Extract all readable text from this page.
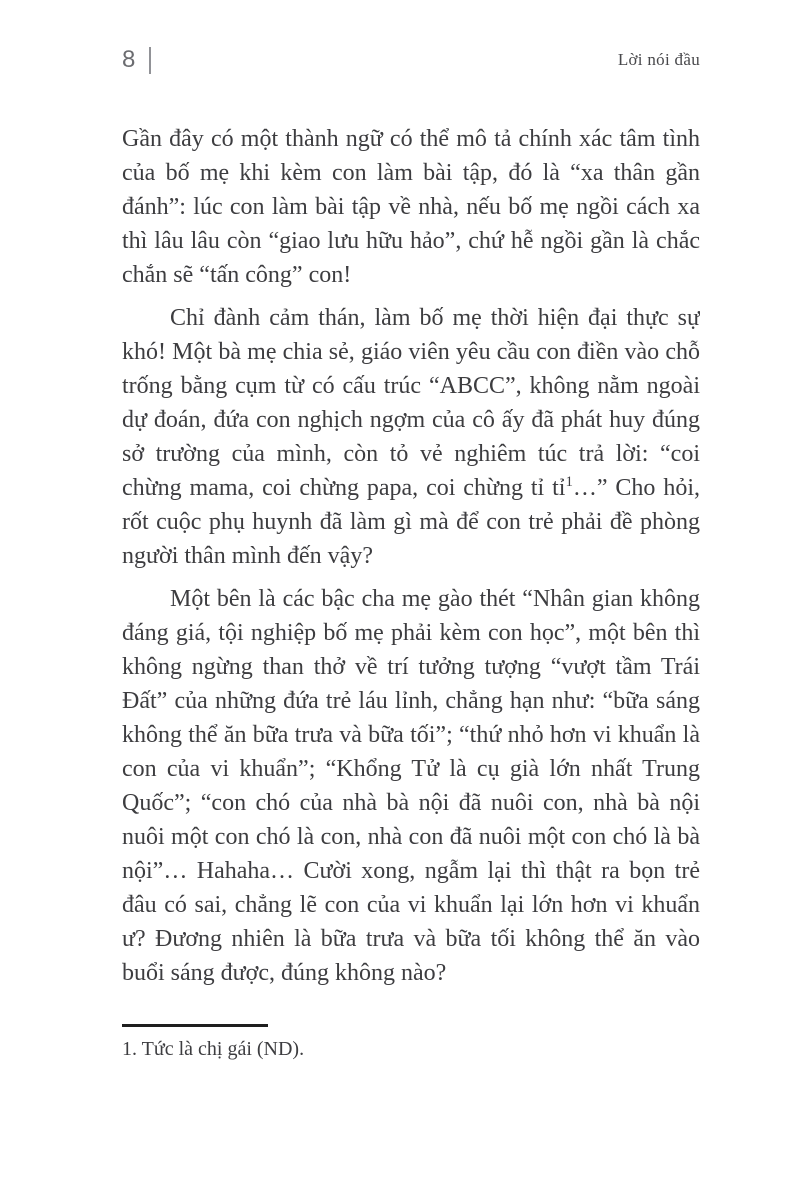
8	Lời nói đầu

Gần đây có một thành ngữ có thể mô tả chính xác tâm tình của bố mẹ khi kèm con làm bài tập, đó là “xa thân gần đánh”: lúc con làm bài tập về nhà, nếu bố mẹ ngồi cách xa thì lâu lâu còn “giao lưu hữu hảo”, chứ hễ ngồi gần là chắc chắn sẽ “tấn công” con!

Chỉ đành cảm thán, làm bố mẹ thời hiện đại thực sự khó! Một bà mẹ chia sẻ, giáo viên yêu cầu con điền vào chỗ trống bằng cụm từ có cấu trúc “ABCC”, không nằm ngoài dự đoán, đứa con nghịch ngợm của cô ấy đã phát huy đúng sở trường của mình, còn tỏ vẻ nghiêm túc trả lời: “coi chừng mama, coi chừng papa, coi chừng tỉ tỉ$^1$…” Cho hỏi, rốt cuộc phụ huynh đã làm gì mà để con trẻ phải đề phòng người thân mình đến vậy?

Một bên là các bậc cha mẹ gào thét “Nhân gian không đáng giá, tội nghiệp bố mẹ phải kèm con học”, một bên thì không ngừng than thở về trí tưởng tượng “vượt tầm Trái Đất” của những đứa trẻ láu lỉnh, chẳng hạn như: “bữa sáng không thể ăn bữa trưa và bữa tối”; “thứ nhỏ hơn vi khuẩn là con của vi khuẩn”; “Khổng Tử là cụ già lớn nhất Trung Quốc”; “con chó của nhà bà nội đã nuôi con, nhà bà nội nuôi một con chó là con, nhà con đã nuôi một con chó là bà nội”… Hahaha… Cười xong, ngẫm lại thì thật ra bọn trẻ đâu có sai, chẳng lẽ con của vi khuẩn lại lớn hơn vi khuẩn ư? Đương nhiên là bữa trưa và bữa tối không thể ăn vào buổi sáng được, đúng không nào?

1. Tức là chị gái (ND).
